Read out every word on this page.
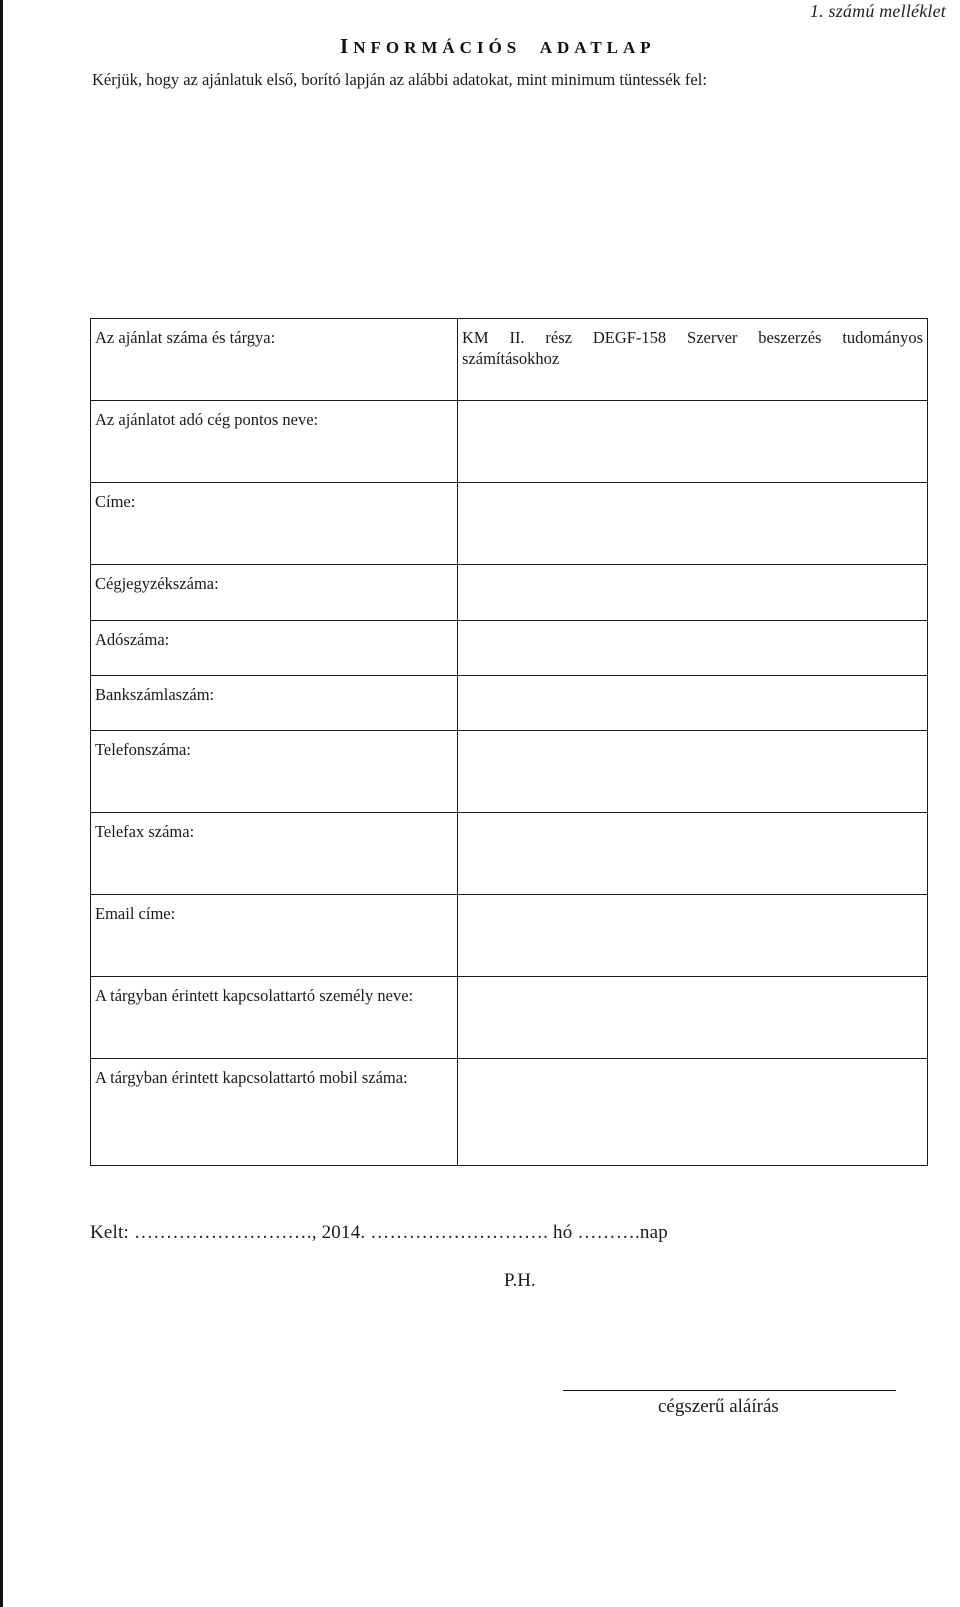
1. számú melléklet
INFORMÁCIÓS ADATLAP
Kérjük, hogy az ajánlatuk első, borító lapján az alábbi adatokat, mint minimum tüntessék fel:
Az ajánlat száma és tárgya:	KM II. rész DEGF-158 Szerver beszerzés tudományos számításokhoz
Az ajánlatot adó cég pontos neve:	
Címe:	
Cégjegyzékszáma:	
Adószáma:	
Bankszámlaszám:	
Telefonszáma:	
Telefax száma:	
Email címe:	
A tárgyban érintett kapcsolattartó személy neve:	
A tárgyban érintett kapcsolattartó mobil száma:	
Kelt: ………………………., 2014. ………………………. hó ……….nap
P.H.
cégszerű aláírás
